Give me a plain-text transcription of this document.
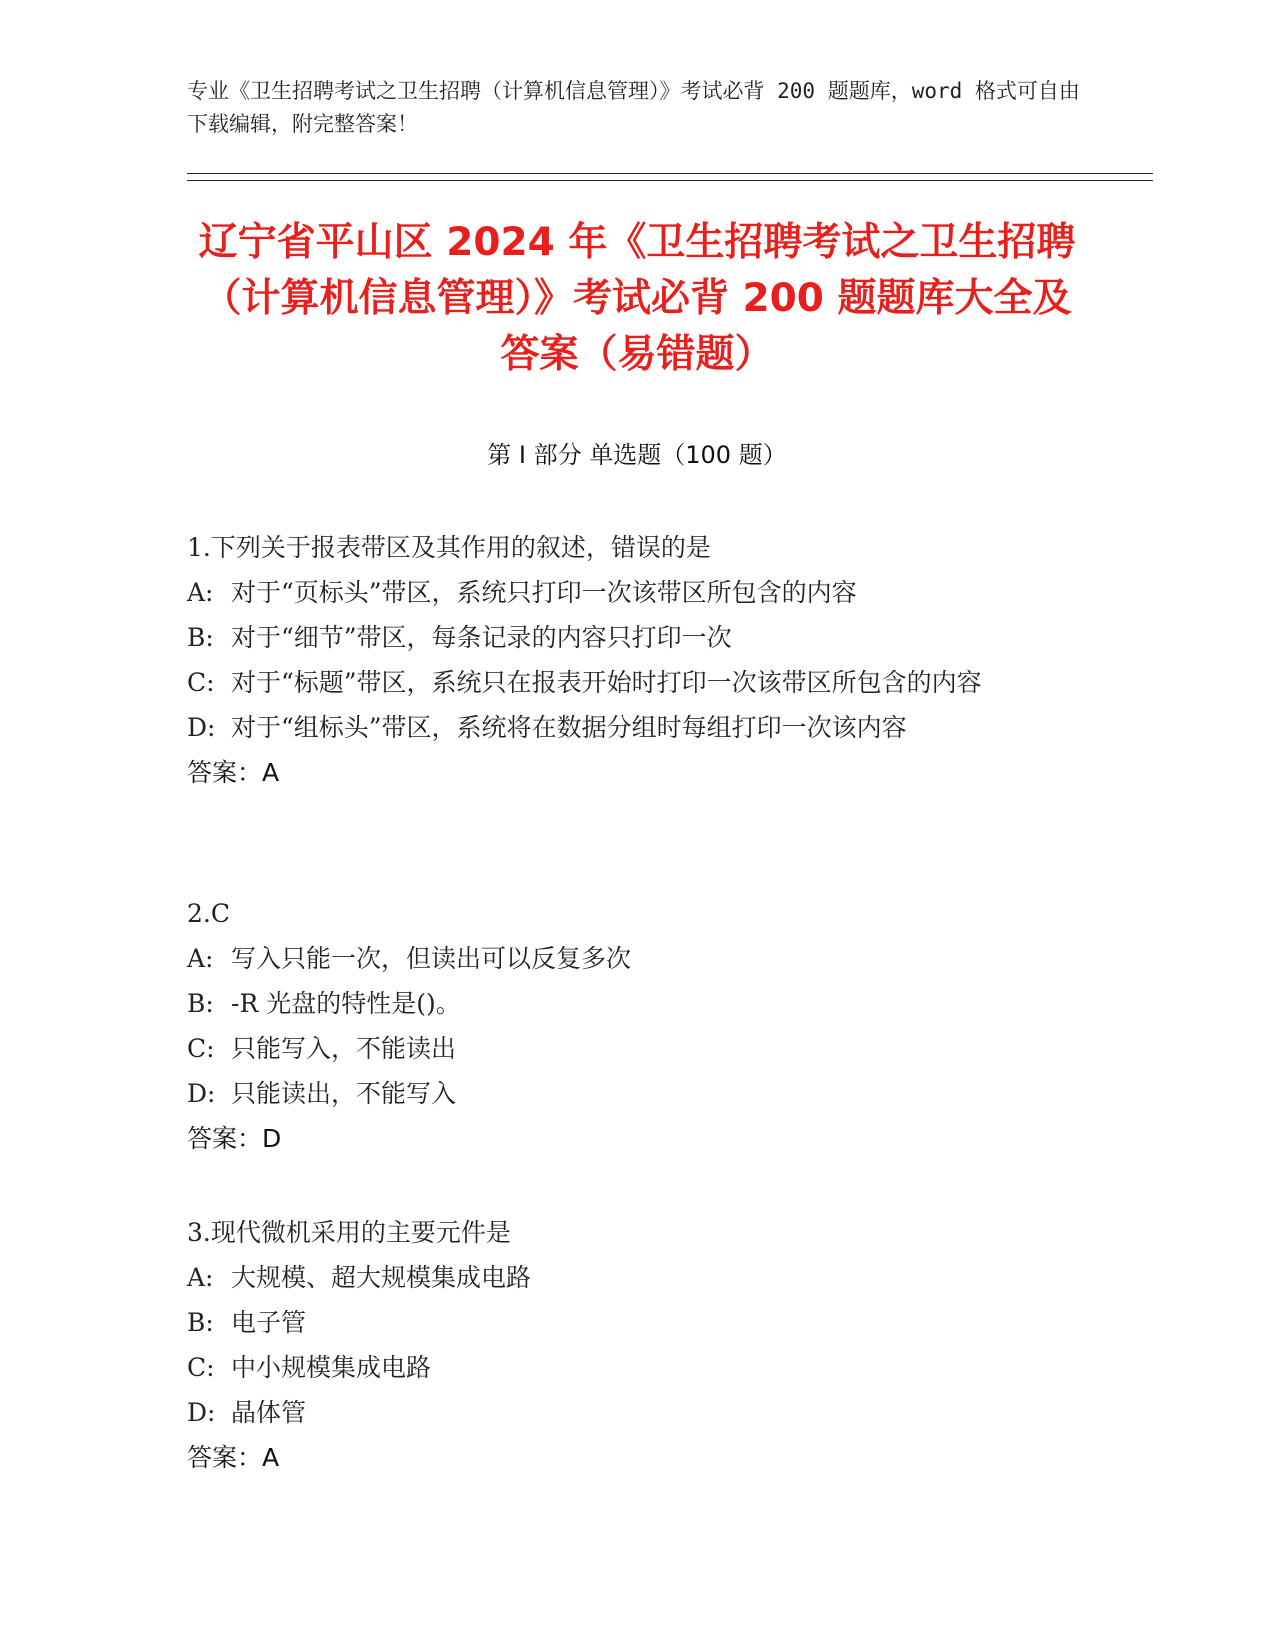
专业《卫生招聘考试之卫生招聘（计算机信息管理）》考试必背 200 题题库，word 格式可自由下载编辑，附完整答案！
辽宁省平山区 2024 年《卫生招聘考试之卫生招聘（计算机信息管理）》考试必背 200 题题库大全及答案（易错题）
第 I 部分 单选题（100 题）
1.下列关于报表带区及其作用的叙述，错误的是
A: 对于“页标头”带区，系统只打印一次该带区所包含的内容
B: 对于“细节”带区，每条记录的内容只打印一次
C: 对于“标题”带区，系统只在报表开始时打印一次该带区所包含的内容
D: 对于“组标头”带区，系统将在数据分组时每组打印一次该内容
答案：A
2.C
A: 写入只能一次，但读出可以反复多次
B: -R 光盘的特性是()。
C: 只能写入，不能读出
D: 只能读出，不能写入
答案：D
3.现代微机采用的主要元件是
A: 大规模、超大规模集成电路
B: 电子管
C: 中小规模集成电路
D: 晶体管
答案：A
